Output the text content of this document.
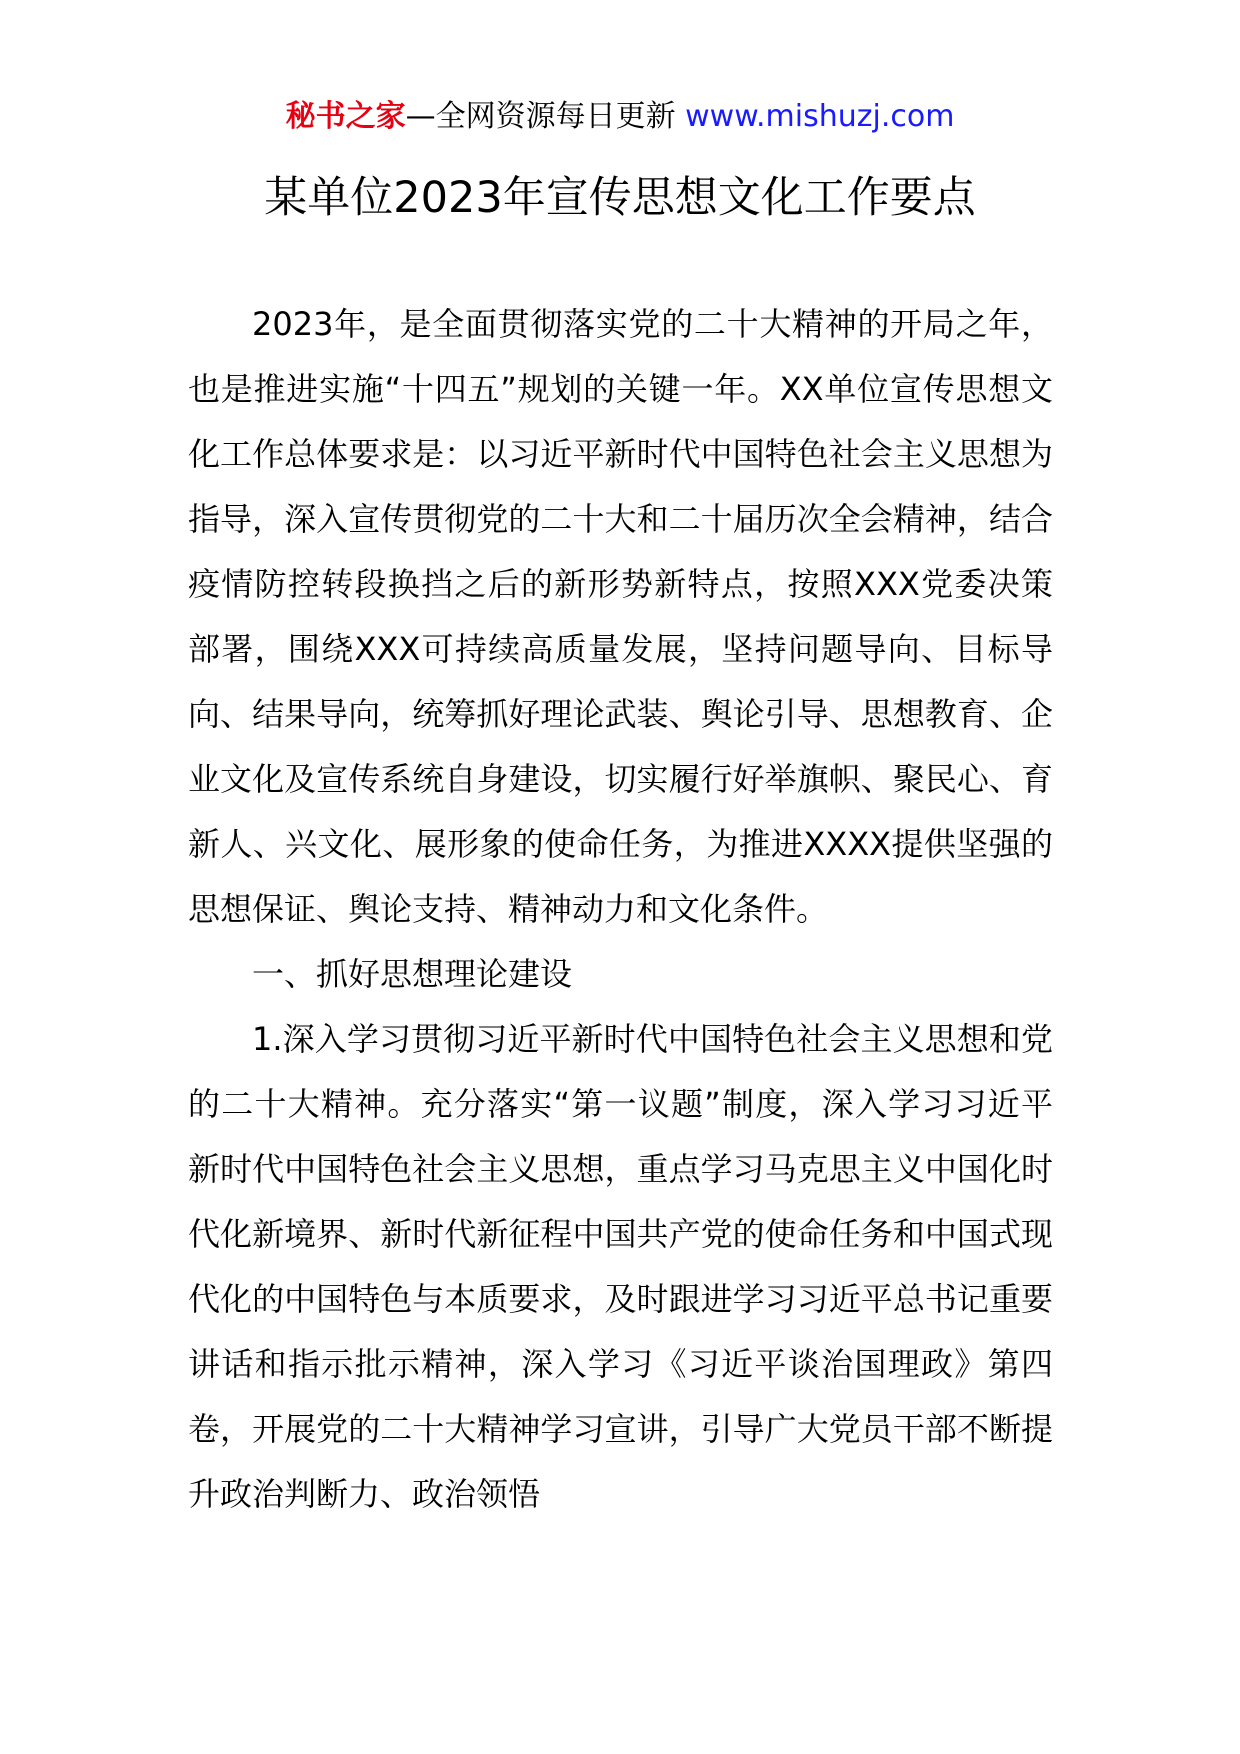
秘书之家—全网资源每日更新 www.mishuzj.com
某单位2023年宣传思想文化工作要点

2023年，是全面贯彻落实党的二十大精神的开局之年，也是推进实施“十四五”规划的关键一年。XX单位宣传思想文化工作总体要求是：以习近平新时代中国特色社会主义思想为指导，深入宣传贯彻党的二十大和二十届历次全会精神，结合疫情防控转段换挡之后的新形势新特点，按照XXX党委决策部署，围绕XXX可持续高质量发展，坚持问题导向、目标导向、结果导向，统筹抓好理论武装、舆论引导、思想教育、企业文化及宣传系统自身建设，切实履行好举旗帜、聚民心、育新人、兴文化、展形象的使命任务，为推进XXXX提供坚强的思想保证、舆论支持、精神动力和文化条件。

一、抓好思想理论建设

1.深入学习贯彻习近平新时代中国特色社会主义思想和党的二十大精神。充分落实“第一议题”制度，深入学习习近平新时代中国特色社会主义思想，重点学习马克思主义中国化时代化新境界、新时代新征程中国共产党的使命任务和中国式现代化的中国特色与本质要求，及时跟进学习习近平总书记重要讲话和指示批示精神，深入学习《习近平谈治国理政》第四卷，开展党的二十大精神学习宣讲，引导广大党员干部不断提升政治判断力、政治领悟
